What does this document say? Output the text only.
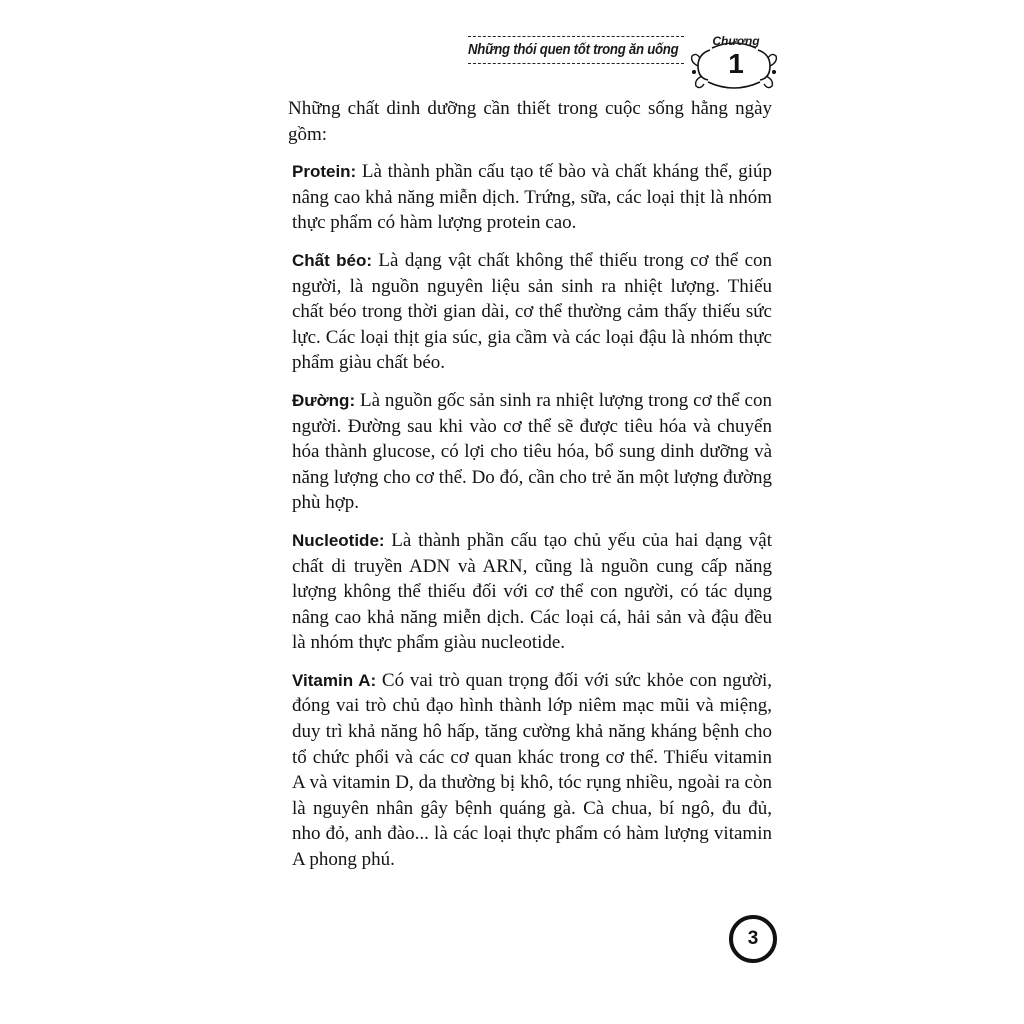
Những thói quen tốt trong ăn uống	Chương
1

Những chất dinh dưỡng cần thiết trong cuộc sống hằng ngày gồm:

Protein: Là thành phần cấu tạo tế bào và chất kháng thể, giúp nâng cao khả năng miễn dịch. Trứng, sữa, các loại thịt là nhóm thực phẩm có hàm lượng protein cao.

Chất béo: Là dạng vật chất không thể thiếu trong cơ thể con người, là nguồn nguyên liệu sản sinh ra nhiệt lượng. Thiếu chất béo trong thời gian dài, cơ thể thường cảm thấy thiếu sức lực. Các loại thịt gia súc, gia cầm và các loại đậu là nhóm thực phẩm giàu chất béo.

Đường: Là nguồn gốc sản sinh ra nhiệt lượng trong cơ thể con người. Đường sau khi vào cơ thể sẽ được tiêu hóa và chuyển hóa thành glucose, có lợi cho tiêu hóa, bổ sung dinh dưỡng và năng lượng cho cơ thể. Do đó, cần cho trẻ ăn một lượng đường phù hợp.

Nucleotide: Là thành phần cấu tạo chủ yếu của hai dạng vật chất di truyền ADN và ARN, cũng là nguồn cung cấp năng lượng không thể thiếu đối với cơ thể con người, có tác dụng nâng cao khả năng miễn dịch. Các loại cá, hải sản và đậu đều là nhóm thực phẩm giàu nucleotide.

Vitamin A: Có vai trò quan trọng đối với sức khỏe con người, đóng vai trò chủ đạo hình thành lớp niêm mạc mũi và miệng, duy trì khả năng hô hấp, tăng cường khả năng kháng bệnh cho tổ chức phổi và các cơ quan khác trong cơ thể. Thiếu vitamin A và vitamin D, da thường bị khô, tóc rụng nhiều, ngoài ra còn là nguyên nhân gây bệnh quáng gà. Cà chua, bí ngô, đu đủ, nho đỏ, anh đào... là các loại thực phẩm có hàm lượng vitamin A phong phú.

3
